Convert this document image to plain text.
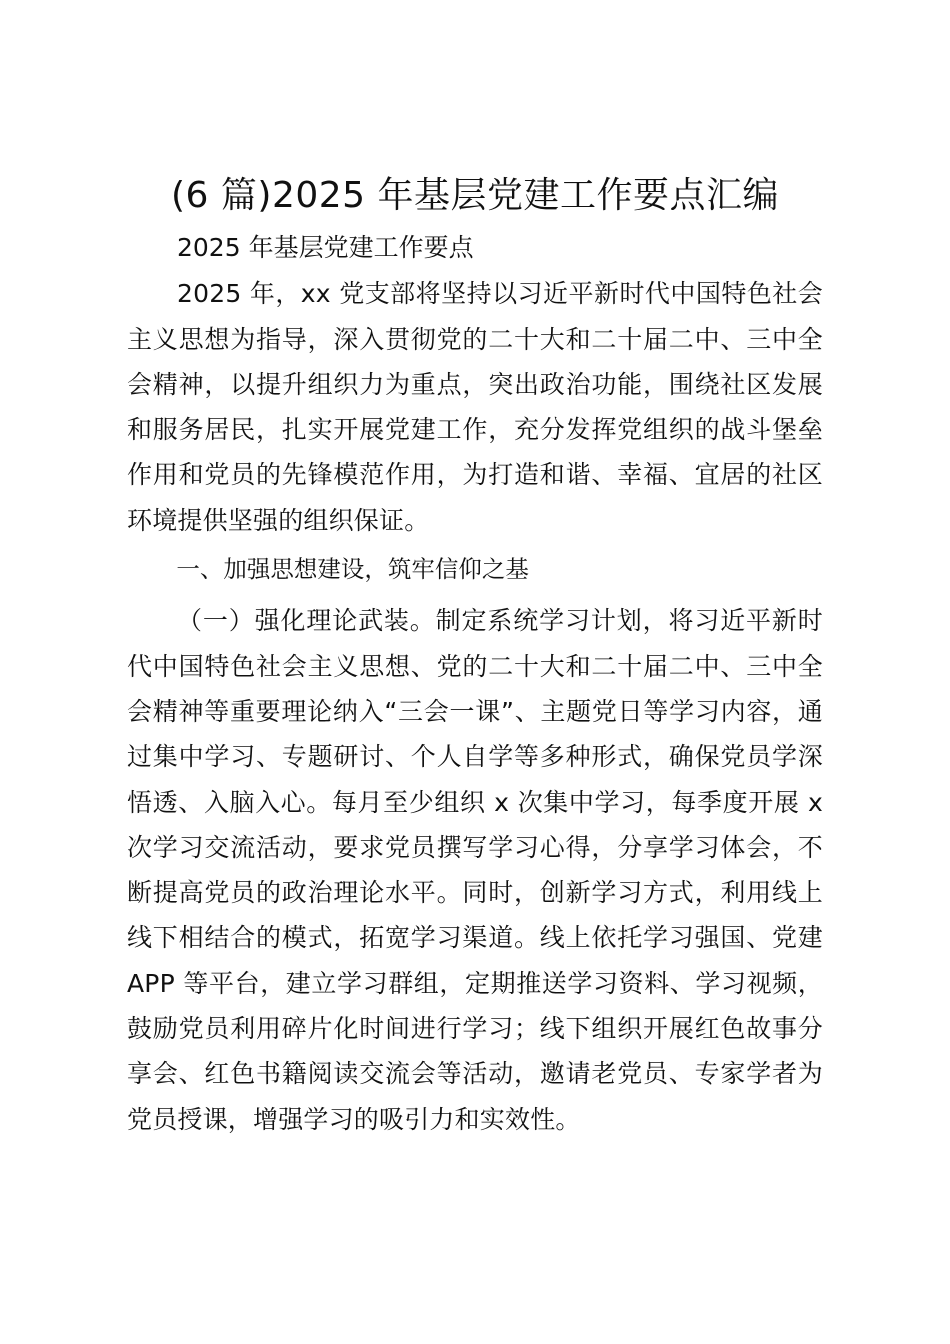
(6 篇)2025 年基层党建工作要点汇编

2025 年基层党建工作要点

2025 年，xx 党支部将坚持以习近平新时代中国特色社会主义思想为指导，深入贯彻党的二十大和二十届二中、三中全会精神，以提升组织力为重点，突出政治功能，围绕社区发展和服务居民，扎实开展党建工作，充分发挥党组织的战斗堡垒作用和党员的先锋模范作用，为打造和谐、幸福、宜居的社区环境提供坚强的组织保证。

一、加强思想建设，筑牢信仰之基

（一）强化理论武装。制定系统学习计划，将习近平新时代中国特色社会主义思想、党的二十大和二十届二中、三中全会精神等重要理论纳入“三会一课”、主题党日等学习内容，通过集中学习、专题研讨、个人自学等多种形式，确保党员学深悟透、入脑入心。每月至少组织 x 次集中学习，每季度开展 x 次学习交流活动，要求党员撰写学习心得，分享学习体会，不断提高党员的政治理论水平。同时，创新学习方式，利用线上线下相结合的模式，拓宽学习渠道。线上依托学习强国、党建 APP 等平台，建立学习群组，定期推送学习资料、学习视频，鼓励党员利用碎片化时间进行学习；线下组织开展红色故事分享会、红色书籍阅读交流会等活动，邀请老党员、专家学者为党员授课，增强学习的吸引力和实效性。
